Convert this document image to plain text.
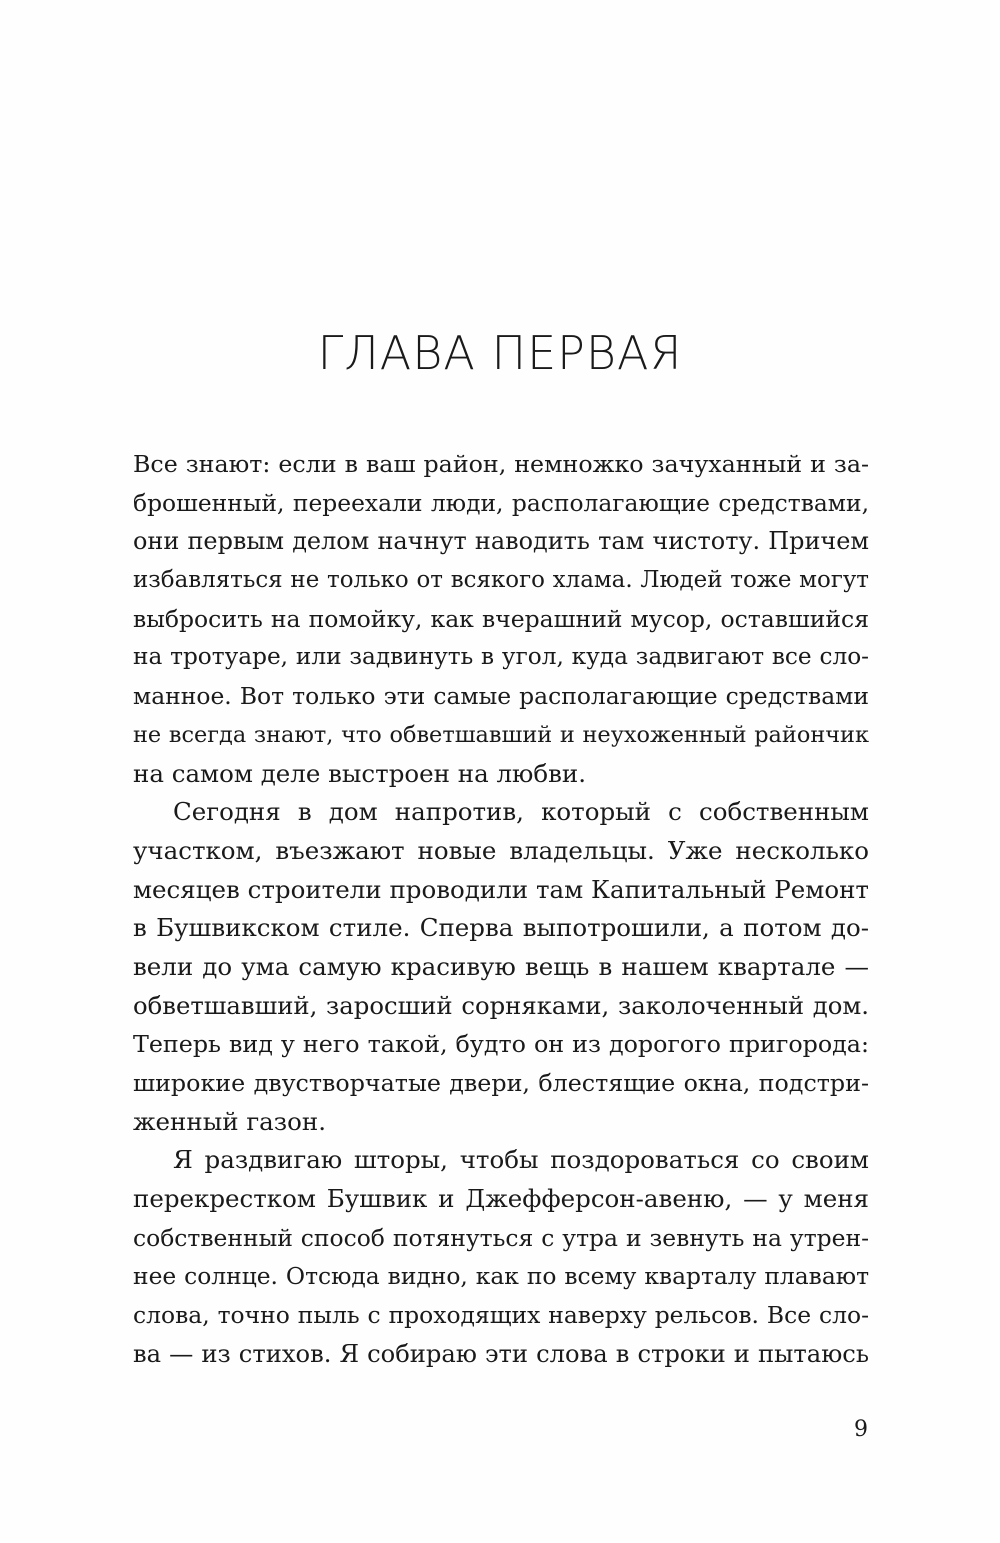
ГЛАВА ПЕРВАЯ
Все знают: если в ваш район, немножко зачуханный и за-
брошенный, переехали люди, располагающие средствами,
они первым делом начнут наводить там чистоту. Причем
избавляться не только от всякого хлама. Людей тоже могут
выбросить на помойку, как вчерашний мусор, оставшийся
на тротуаре, или задвинуть в угол, куда задвигают все сло-
манное. Вот только эти самые располагающие средствами
не всегда знают, что обветшавший и неухоженный райончик
на самом деле выстроен на любви.
Сегодня в дом напротив, который с собственным
участком, въезжают новые владельцы. Уже несколько
месяцев строители проводили там Капитальный Ремонт
в Бушвикском стиле. Сперва выпотрошили, а потом до-
вели до ума самую красивую вещь в нашем квартале —
обветшавший, заросший сорняками, заколоченный дом.
Теперь вид у него такой, будто он из дорогого пригорода:
широкие двустворчатые двери, блестящие окна, подстри-
женный газон.
Я раздвигаю шторы, чтобы поздороваться со своим
перекрестком Бушвик и Джефферсон-авеню, — у меня
собственный способ потянуться с утра и зевнуть на утрен-
нее солнце. Отсюда видно, как по всему кварталу плавают
слова, точно пыль с проходящих наверху рельсов. Все сло-
ва — из стихов. Я собираю эти слова в строки и пытаюсь
9
